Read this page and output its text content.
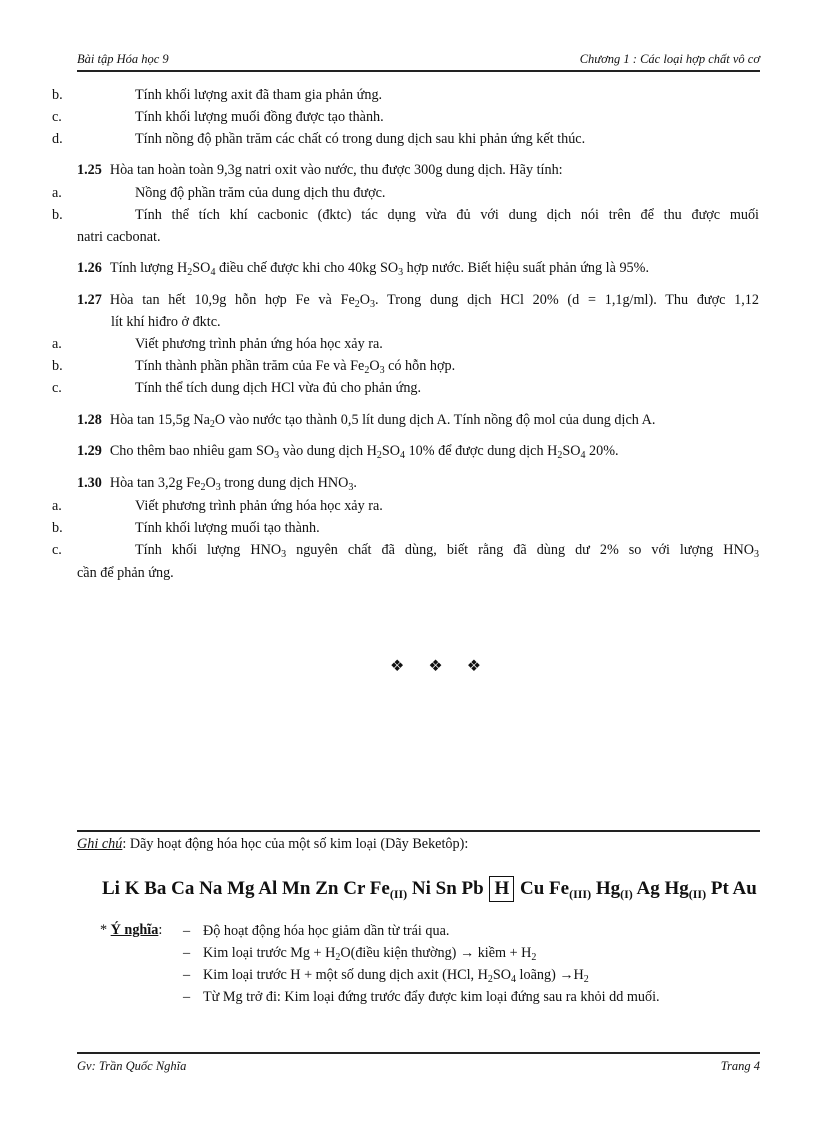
Bài tập Hóa học 9	Chương 1 : Các loại hợp chất vô cơ
b.	Tính khối lượng axit đã tham gia phản ứng.
c.	Tính khối lượng muối đồng được tạo thành.
d.	Tính nồng độ phần trăm các chất có trong dung dịch sau khi phản ứng kết thúc.
1.25 Hòa tan hoàn toàn 9,3g natri oxit vào nước, thu được 300g dung dịch. Hãy tính:
a.	Nồng độ phần trăm của dung dịch thu được.
b.	Tính thể tích khí cacbonic (đktc) tác dụng vừa đủ với dung dịch nói trên để thu được muối
natri cacbonat.
1.26 Tính lượng $H_2SO_4$ điều chế được khi cho 40kg $SO_3$ hợp nước. Biết hiệu suất phản ứng là 95%.
1.27 Hòa tan hết 10,9g hỗn hợp Fe và $Fe_2O_3$. Trong dung dịch HCl 20% (d = 1,1g/ml). Thu được 1,12
lít khí hiđro ở đktc.
a.	Viết phương trình phản ứng hóa học xảy ra.
b.	Tính thành phần phần trăm của Fe và $Fe_2O_3$ có hỗn hợp.
c.	Tính thể tích dung dịch HCl vừa đủ cho phản ứng.
1.28 Hòa tan 15,5g $Na_2O$ vào nước tạo thành 0,5 lít dung dịch A. Tính nồng độ mol của dung dịch A.
1.29 Cho thêm bao nhiêu gam $SO_3$ vào dung dịch $H_2SO_4$ 10% để được dung dịch $H_2SO_4$ 20%.
1.30 Hòa tan 3,2g $Fe_2O_3$ trong dung dịch $HNO_3$.
a.	Viết phương trình phản ứng hóa học xảy ra.
b.	Tính khối lượng muối tạo thành.
c.	Tính khối lượng $HNO_3$ nguyên chất đã dùng, biết rằng đã dùng dư 2% so với lượng $HNO_3$
cần để phản ứng.
❖ ❖ ❖
Ghi chú: Dãy hoạt động hóa học của một số kim loại (Dãy Beketôp):
Li K Ba Ca Na Mg Al Mn Zn Cr $Fe_{(II)}$ Ni Sn Pb H Cu $Fe_{(III)}$ $Hg_{(I)}$ Ag $Hg_{(II)}$ Pt Au
* Ý nghĩa: – Độ hoạt động hóa học giảm dần từ trái qua.
– Kim loại trước $Mg + H_2O(điều$ kiện thường) → kiềm + $H_2$
– Kim loại trước H + một số dung dịch axit (HCl, $H_2SO_4$ loãng) $\to H_2$
– Từ Mg trở đi: Kim loại đứng trước đẩy được kim loại đứng sau ra khỏi dd muối.
Gv: Trần Quốc Nghĩa	Trang 4
